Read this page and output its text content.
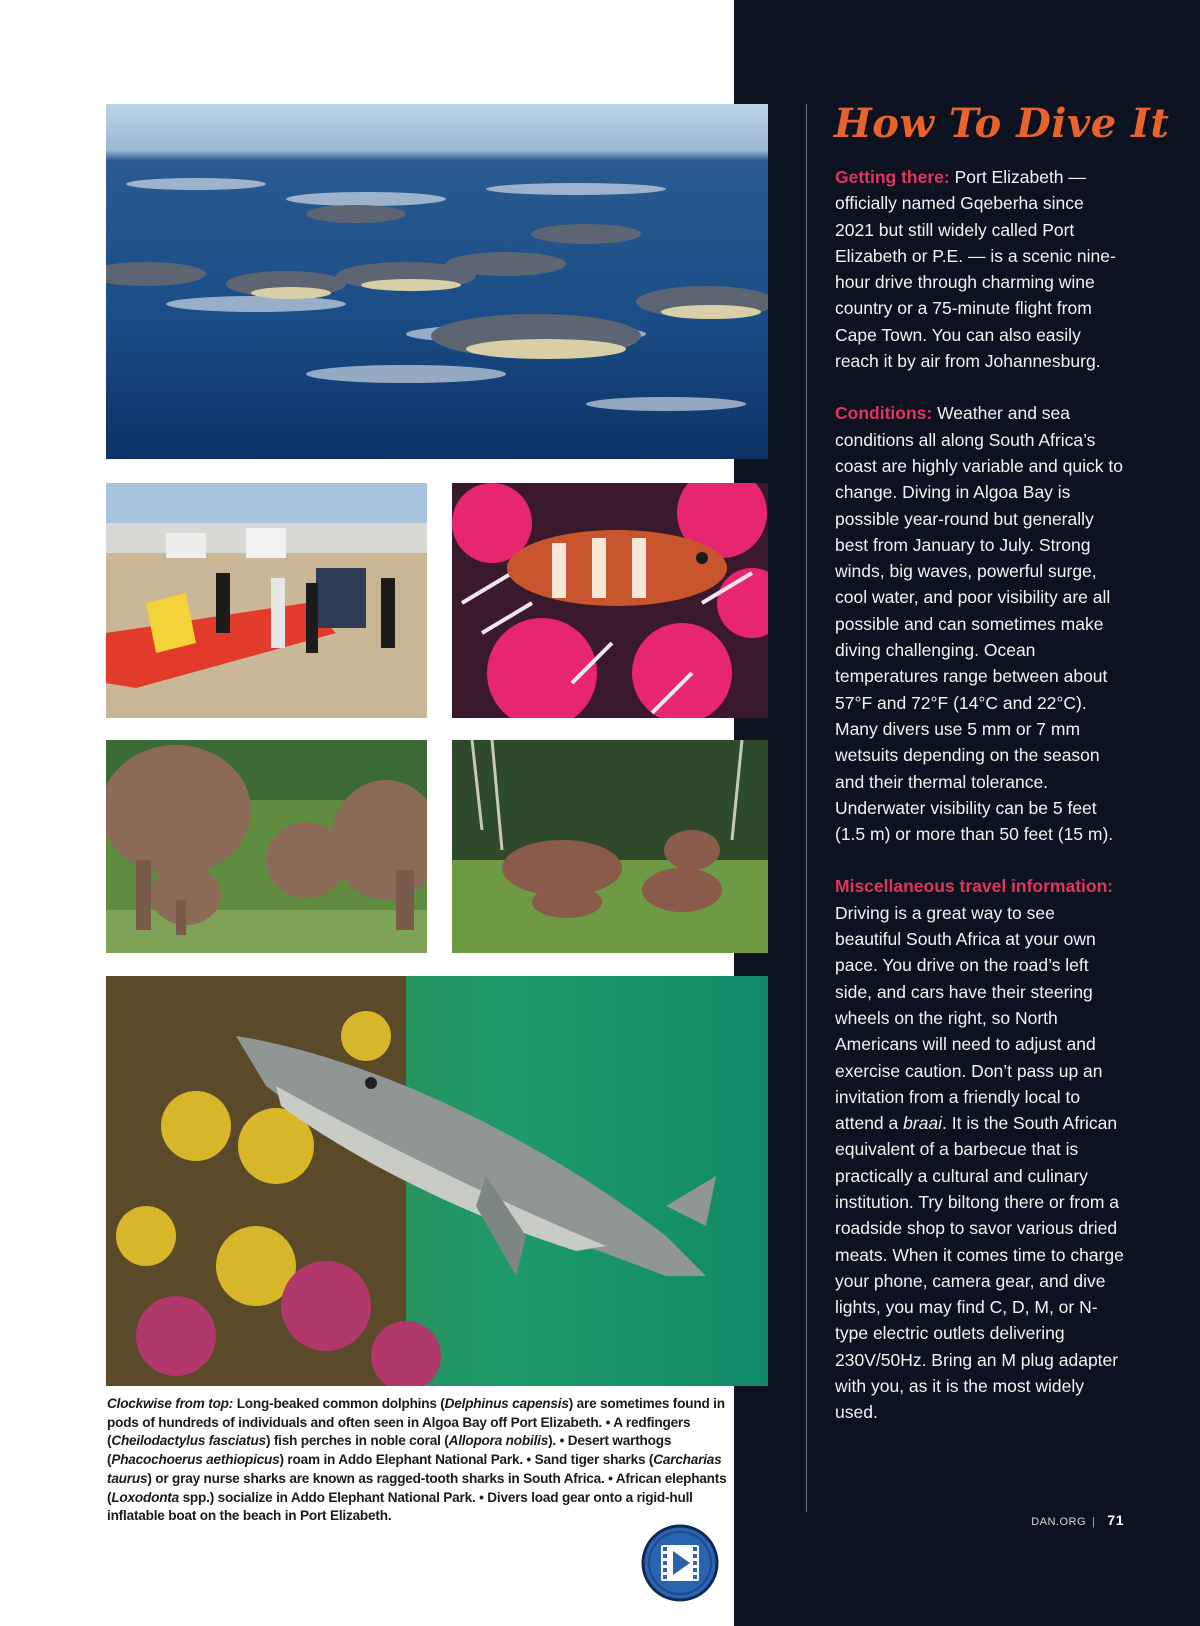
How To Dive It

Getting there: Port Elizabeth — officially named Gqeberha since 2021 but still widely called Port Elizabeth or P.E. — is a scenic nine-hour drive through charming wine country or a 75-minute flight from Cape Town. You can also easily reach it by air from Johannesburg.

Conditions: Weather and sea conditions all along South Africa’s coast are highly variable and quick to change. Diving in Algoa Bay is possible year-round but generally best from January to July. Strong winds, big waves, powerful surge, cool water, and poor visibility are all possible and can sometimes make diving challenging. Ocean temperatures range between about 57°F and 72°F (14°C and 22°C). Many divers use 5 mm or 7 mm wetsuits depending on the season and their thermal tolerance. Underwater visibility can be 5 feet (1.5 m) or more than 50 feet (15 m).

Miscellaneous travel information: Driving is a great way to see beautiful South Africa at your own pace. You drive on the road’s left side, and cars have their steering wheels on the right, so North Americans will need to adjust and exercise caution. Don’t pass up an invitation from a friendly local to attend a braai. It is the South African equivalent of a barbecue that is practically a cultural and culinary institution. Try biltong there or from a roadside shop to savor various dried meats. When it comes time to charge your phone, camera gear, and dive lights, you may find C, D, M, or N-type electric outlets delivering 230V/50Hz. Bring an M plug adapter with you, as it is the most widely used.

Clockwise from top: Long-beaked common dolphins (Delphinus capensis) are sometimes found in pods of hundreds of individuals and often seen in Algoa Bay off Port Elizabeth. • A redfingers (Cheilodactylus fasciatus) fish perches in noble coral (Allopora nobilis). • Desert warthogs (Phacochoerus aethiopicus) roam in Addo Elephant National Park. • Sand tiger sharks (Carcharias taurus) or gray nurse sharks are known as ragged-tooth sharks in South Africa. • African elephants (Loxodonta spp.) socialize in Addo Elephant National Park. • Divers load gear onto a rigid-hull inflatable boat on the beach in Port Elizabeth.	DAN.ORG | 71
